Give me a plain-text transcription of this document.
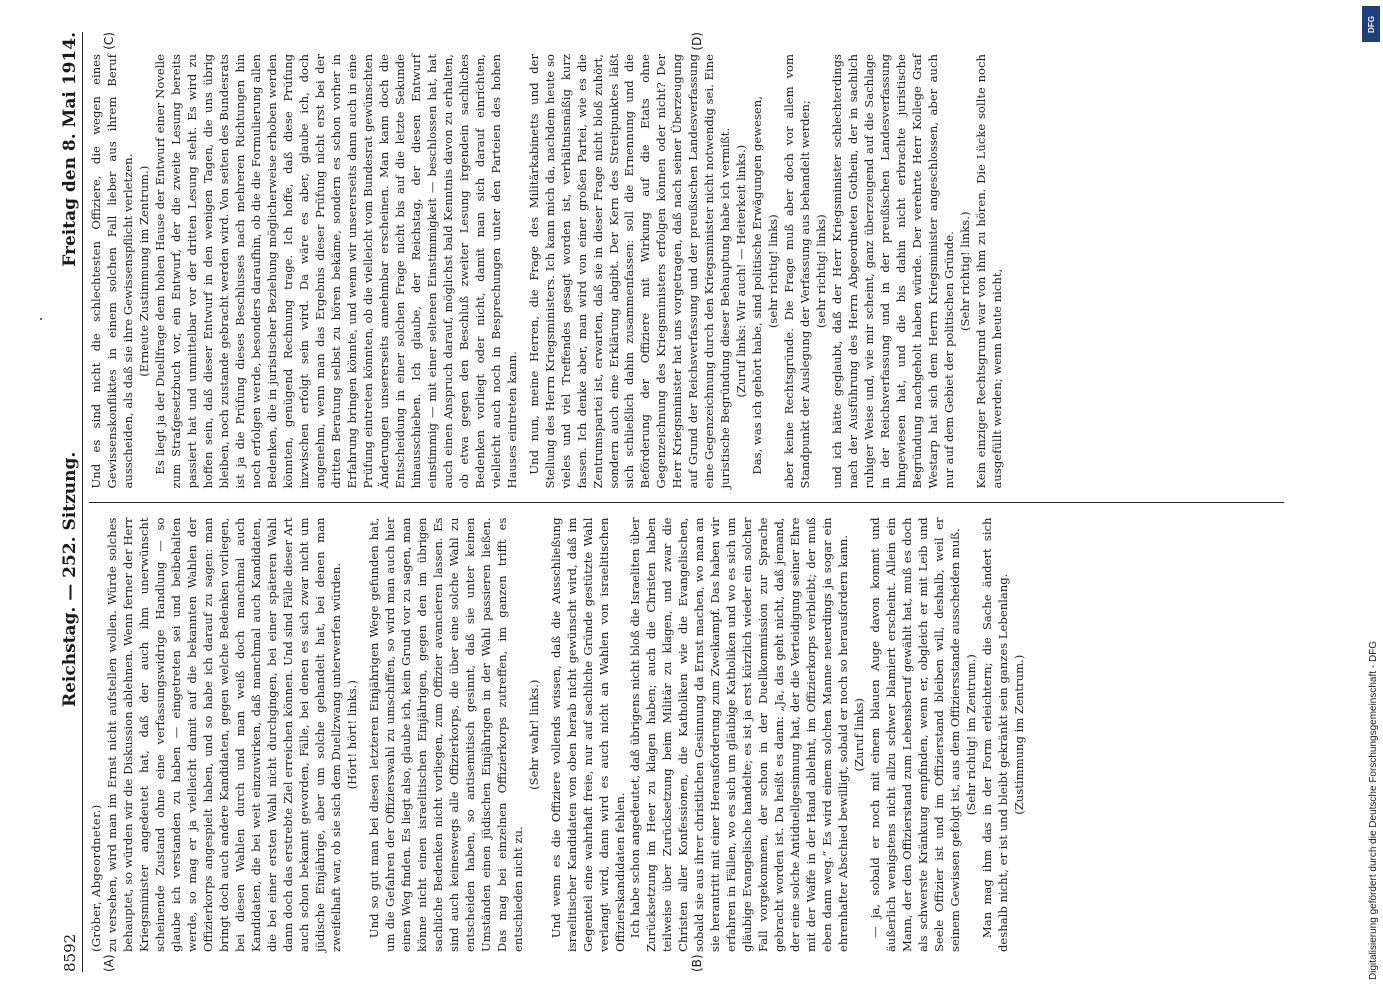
8592
Reichstag. — 252. Sitzung.
Freitag den 8. Mai 1914.
(A)	(B)

(Gröber, Abgeordneter.) zu versehen, wird man im Ernst nicht aufstellen wollen. Würde solches behauptet, so würden wir die Diskussion ablehnen. Wenn ferner der Herr Kriegsminister angedeutet hat, daß der auch ihm unerwünscht scheinende Zustand ohne eine verfassungswidrige Handlung — so glaube ich verstanden zu haben — eingetreten sei und beibehalten werde, so mag er ja vielleicht damit auf die bekannten Wahlen der Offizierkorps angespielt haben, und so habe ich darauf zu sagen: man bringt doch auch andere Kandidaten, gegen welche Bedenken vorliegen, bei diesen Wahlen durch und man weiß doch manchmal auch Kandidaten, die bei weit einzuwirken, daß manchmal auch Kandidaten, die bei einer ersten Wahl nicht durchgingen, bei einer späteren Wahl dann doch das erstrebte Ziel erreichen können. Und sind Fälle dieser Art auch schon bekannt geworden, Fälle, bei denen es sich zwar nicht um jüdische Einjährige, aber um solche gehandelt hat, bei denen man zweifelhaft war, ob sie sich dem Duellzwang unterwerfen würden. (Hört! hört! links.) Und so gut man bei diesen letzteren Einjährigen Wege gefunden hat, um die Gefahren der Offizierswahl zu umschiffen, so wird man auch hier einen Weg finden. Es liegt also, glaube ich, kein Grund vor zu sagen, man könne nicht einen israelitischen Einjährigen, gegen den im übrigen sachliche Bedenken nicht vorliegen, zum Offizier avancieren lassen. Es sind auch keineswegs alle Offizierkorps, die über eine solche Wahl zu entscheiden haben, so antisemitisch gesinnt, daß sie unter keinen Umständen einen jüdischen Einjährigen in der Wahl passieren ließen. Das mag bei einzelnen Offizierkorps zutreffen, im ganzen trifft es entschieden nicht zu.

(Sehr wahr! links.) Und wenn es die Offiziere vollends wissen, daß die Ausschließung israelitischer Kandidaten von oben herab nicht gewünscht wird, daß im Gegenteil eine wahrhaft freie, nur auf sachliche Gründe gestützte Wahl verlangt wird, dann wird es auch nicht an Wahlen von israelitischen Offizierskandidaten fehlen. Ich habe schon angedeutet, daß übrigens nicht bloß die Israeliten über Zurücksetzung im Heer zu klagen haben; auch die Christen haben teilweise über Zurücksetzung beim Militär zu klagen, und zwar die Christen aller Konfessionen, die Katholiken wie die Evangelischen, sobald sie aus ihrer christlichen Gesinnung da Ernst machen, wo man an sie herantritt mit einer Herausforderung zum Zweikampf. Das haben wir erfahren in Fällen, wo es sich um gläubige Katholiken und wo es sich um gläubige Evangelische handelte; es ist ja erst kürzlich wieder ein solcher Fall vorgekommen, der schon in der Duellkommission zur Sprache gebracht worden ist. Da heißt es dann: „Ja, das geht nicht, daß jemand, der eine solche Antiduellgesinnung hat, der die Verteidigung seiner Ehre mit der Waffe in der Hand ablehnt, im Offizierkorps verbleibt; der muß eben dann weg.“ Es wird einem solchen Manne neuerdings ja sogar ein ehrenhafter Abschied bewilligt, sobald er noch so herausfordern kann. (Zuruf links) — ja, sobald er noch mit einem blauen Auge davon kommt und äußerlich wenigstens nicht allzu schwer blamiert erscheint. Allein ein Mann, der den Offizierstand zum Lebensberuf gewählt hat, muß es doch als schwerste Kränkung empfinden, wenn er, obgleich er mit Leib und Seele Offizier ist und im Offizierstand bleiben will, deshalb, weil er seinem Gewissen gefolgt ist, aus dem Offiziersstande ausscheiden muß. (Sehr richtig! im Zentrum.) Man mag ihm das in der Form erleichtern; die Sache ändert sich deshalb nicht, er ist und bleibt gekränkt sein ganzes Lebenlang. (Zustimmung im Zentrum.)

(C)	(D)

Und es sind nicht die schlechtesten Offiziere, die wegen eines Gewissenskonfliktes in einem solchen Fall lieber aus ihrem Beruf ausscheiden, als daß sie ihre Gewissenspflicht verletzen. (Erneute Zustimmung im Zentrum.) Es liegt ja der Duellfrage dem hohen Hause der Entwurf einer Novelle zum Strafgesetzbuch vor, ein Entwurf, der die zweite Lesung bereits passiert hat und unmittelbar vor der dritten Lesung steht. Es wird zu hoffen sein, daß dieser Entwurf in den wenigen Tagen, die uns übrig bleiben, noch zustande gebracht werden wird. Von seiten des Bundesrats ist ja die Prüfung dieses Beschlusses nach mehreren Richtungen hin noch erfolgen werde, besonders daraufhin, ob die die Formulierung allen Bedenken, die in juristischer Beziehung möglicherweise erhoben werden könnten, genügend Rechnung trage. Ich hoffe, daß diese Prüfung inzwischen erfolgt sein wird. Da wäre es aber, glaube ich, doch angenehm, wenn man das Ergebnis dieser Prüfung nicht erst bei der dritten Beratung selbst zu hören bekäme, sondern es schon vorher in Erfahrung bringen könnte, und wenn wir unsererseits dann auch in eine Prüfung eintreten könnten, ob die vielleicht vom Bundesrat gewünschten Änderungen unsererseits annehmbar erscheinen. Man kann doch die Entscheidung in einer solchen Frage nicht bis auf die letzte Sekunde hinausschieben. Ich glaube, der Reichstag, der diesen Entwurf einstimmig — mit einer seltenen Einstimmigkeit — beschlossen hat, hat auch einen Anspruch darauf, möglichst bald Kenntnis davon zu erhalten, ob etwa gegen den Beschluß zweiter Lesung irgendein sachliches Bedenken vorliegt oder nicht, damit man sich darauf einrichten, vielleicht auch noch in Besprechungen unter den Parteien des hohen Hauses eintreten kann. Und nun, meine Herren, die Frage des Militärkabinetts und der Stellung des Herrn Kriegsministers. Ich kann mich da, nachdem heute so vieles und viel Treffendes gesagt worden ist, verhältnismäßig kurz fassen. Ich denke aber, man wird von einer großen Partei, wie es die Zentrumspartei ist, erwarten, daß sie in dieser Frage nicht bloß zuhört, sondern auch eine Erklärung abgibt. Der Kern des Streitpunktes läßt sich schließlich dahin zusammenfassen: soll die Ernennung und die Beförderung der Offiziere mit Wirkung auf die Etats ohne Gegenzeichnung des Kriegsministers erfolgen können oder nicht? Der Herr Kriegsminister hat uns vorgetragen, daß nach seiner Überzeugung auf Grund der Reichsverfassung und der preußischen Landesverfassung eine Gegenzeichnung durch den Kriegsminister nicht notwendig sei. Eine juristische Begründung dieser Behauptung habe ich vermißt. (Zuruf links: Wir auch! — Heiterkeit links.) Das, was ich gehört habe, sind politische Erwägungen gewesen, (sehr richtig! links) aber keine Rechtsgründe. Die Frage muß aber doch vor allem vom Standpunkt der Auslegung der Verfassung aus behandelt werden; (sehr richtig! links) und ich hätte geglaubt, daß der Herr Kriegsminister schlechterdings nach der Ausführung des Herrn Abgeordneten Gothein, der in sachlich ruhiger Weise und, wie mir scheint, ganz überzeugend auf die Sachlage in der Reichsverfassung und in der preußischen Landesverfassung hingewiesen hat, und die bis dahin nicht erbrachte juristische Begründung nachgeholt haben würde. Der verehrte Herr Kollege Graf Westarp hat sich dem Herrn Kriegsminister angeschlossen, aber auch nur auf dem Gebiet der politischen Gründe. (Sehr richtig! links.) Kein einziger Rechtsgrund war von ihm zu hören. Die Lücke sollte noch ausgefüllt werden; wenn heute nicht,

Digitalisierung gefördert durch die Deutsche Forschungsgemeinschaft - DFG
DFG
